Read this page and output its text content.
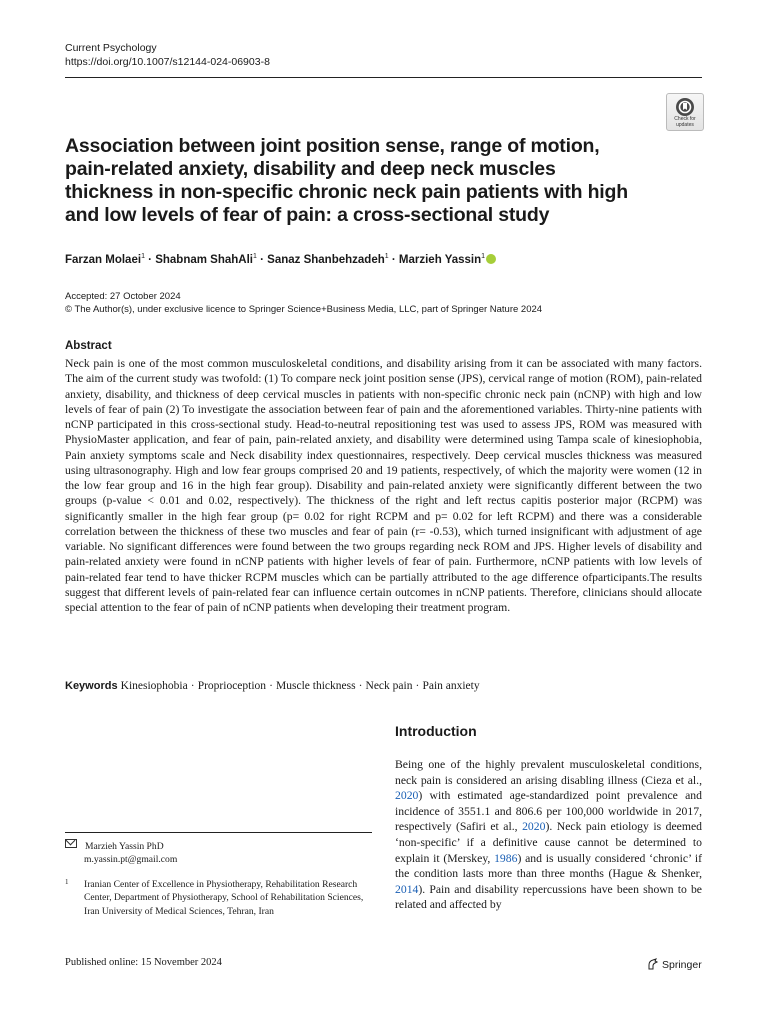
Current Psychology
https://doi.org/10.1007/s12144-024-06903-8
Check for updates
Association between joint position sense, range of motion, pain-related anxiety, disability and deep neck muscles thickness in non-specific chronic neck pain patients with high and low levels of fear of pain: a cross-sectional study
Farzan Molaei$^1$ · Shabnam ShahAli$^1$ · Sanaz Shanbehzadeh$^1$ · Marzieh Yassin$^1$
Accepted: 27 October 2024
© The Author(s), under exclusive licence to Springer Science+Business Media, LLC, part of Springer Nature 2024
Abstract

Neck pain is one of the most common musculoskeletal conditions, and disability arising from it can be associated with many factors. The aim of the current study was twofold: (1) To compare neck joint position sense (JPS), cervical range of motion (ROM), pain-related anxiety, disability, and thickness of deep cervical muscles in patients with non-specific chronic neck pain (nCNP) with high and low levels of fear of pain (2) To investigate the association between fear of pain and the aforementioned variables. Thirty-nine patients with nCNP participated in this cross-sectional study. Head-to-neutral repositioning test was used to assess JPS, ROM was measured with PhysioMaster application, and fear of pain, pain-related anxiety, and disability were determined using Tampa scale of kinesiophobia, Pain anxiety symptoms scale and Neck disability index questionnaires, respectively. Deep cervical muscles thickness was measured using ultrasonography. High and low fear groups comprised 20 and 19 patients, respectively, of which the majority were women (12 in the low fear group and 16 in the high fear group). Disability and pain-related anxiety were significantly different between the two groups (p-value < 0.01 and 0.02, respectively). The thickness of the right and left rectus capitis posterior major (RCPM) was significantly smaller in the high fear group (p= 0.02 for right RCPM and p= 0.02 for left RCPM) and there was a considerable correlation between the thickness of these two muscles and fear of pain (r= -0.53), which turned insignificant with adjustment of age variable. No significant differences were found between the two groups regarding neck ROM and JPS. Higher levels of disability and pain-related anxiety were found in nCNP patients with higher levels of fear of pain. Furthermore, nCNP patients with low levels of pain-related fear tend to have thicker RCPM muscles which can be partially attributed to the age difference ofparticipants.The results suggest that different levels of pain-related fear can influence certain outcomes in nCNP patients. Therefore, clinicians should allocate special attention to the fear of pain of nCNP patients when developing their treatment program.

Keywords Kinesiophobia · Proprioception · Muscle thickness · Neck pain · Pain anxiety
Introduction

Being one of the highly prevalent musculoskeletal conditions, neck pain is considered an arising disabling illness (Cieza et al., 2020) with estimated age-standardized point prevalence and incidence of 3551.1 and 806.6 per 100,000 worldwide in 2017, respectively (Safiri et al., 2020). Neck pain etiology is deemed ‘non-specific’ if a definitive cause cannot be determined to explain it (Merskey, 1986) and is usually considered ‘chronic’ if the condition lasts more than three months (Hague & Shenker, 2014). Pain and disability repercussions have been shown to be related and affected by

Marzieh Yassin PhD
m.yassin.pt@gmail.com
1 Iranian Center of Excellence in Physiotherapy, Rehabilitation Research Center, Department of Physiotherapy, School of Rehabilitation Sciences, Iran University of Medical Sciences, Tehran, Iran
Published online: 15 November 2024	Springer
